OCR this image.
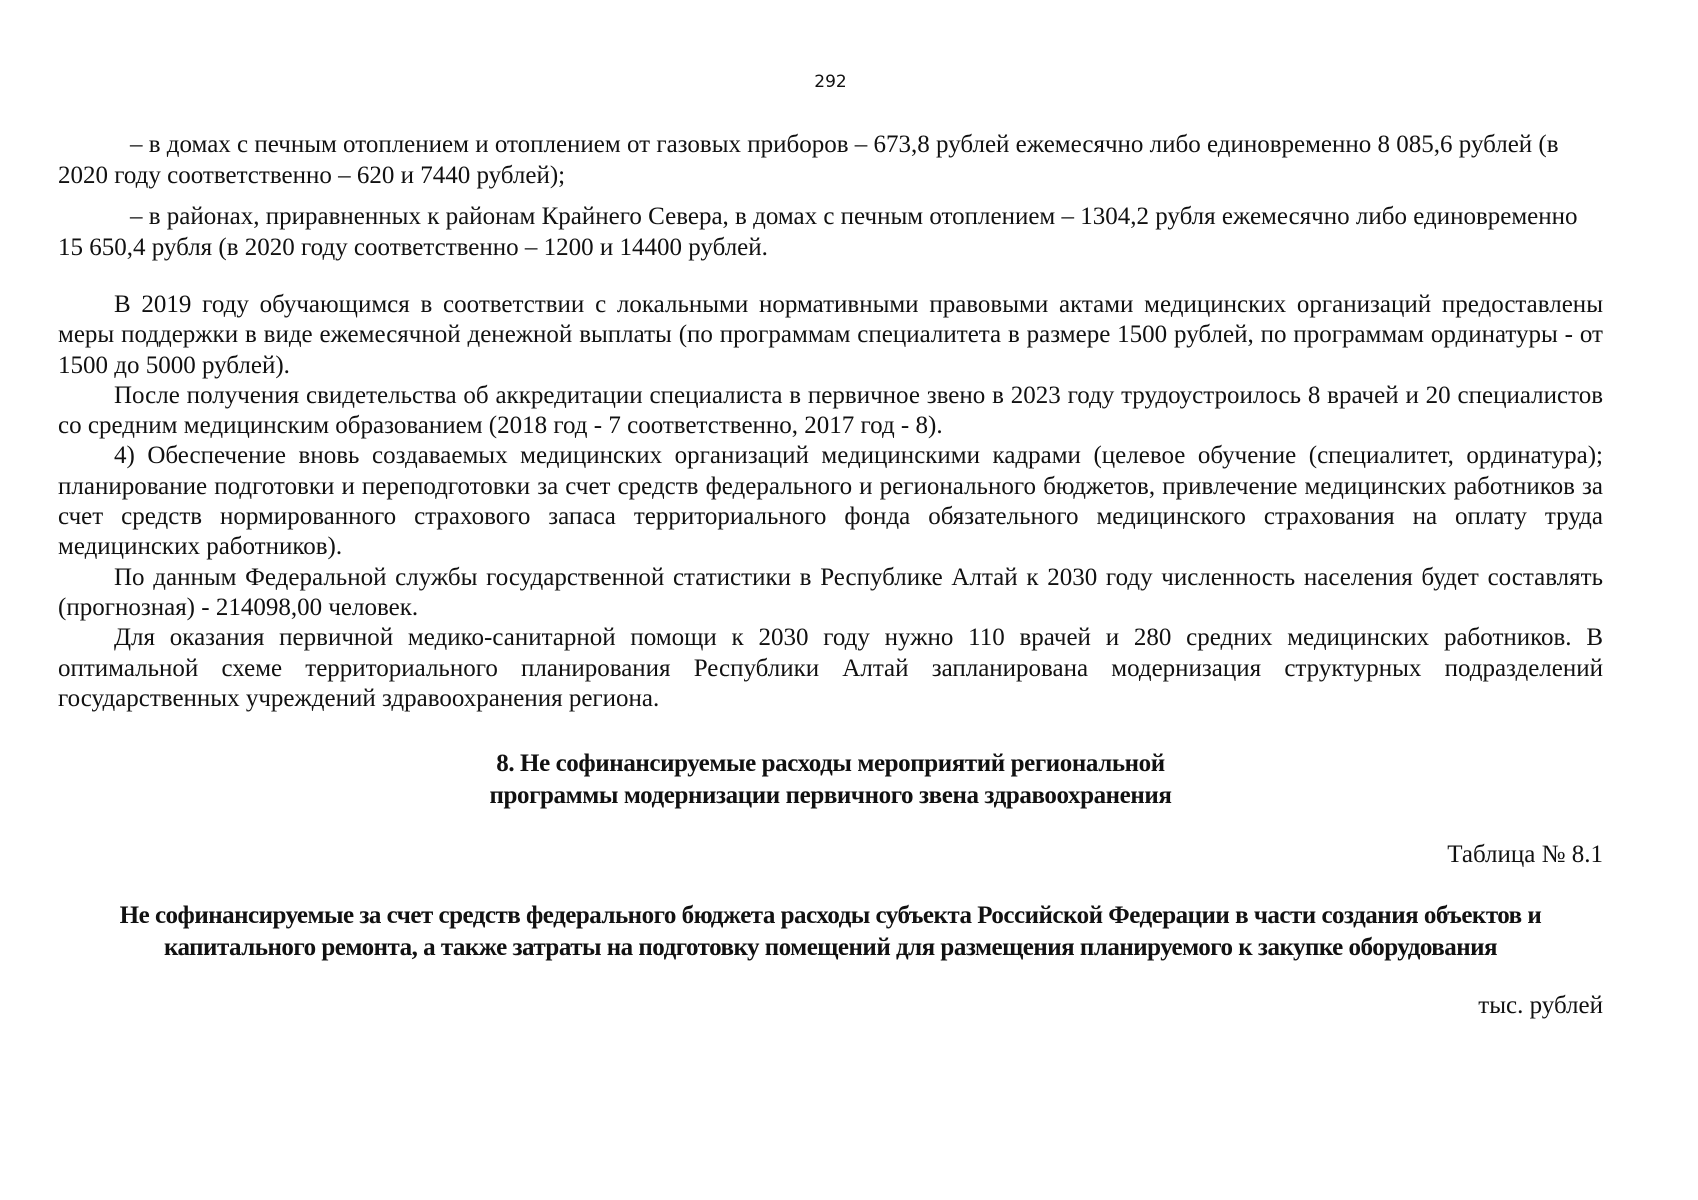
292

– в домах с печным отоплением и отоплением от газовых приборов – 673,8 рублей ежемесячно либо единовременно 8 085,6 рублей (в 2020 году соответственно – 620 и 7440 рублей);

– в районах, приравненных к районам Крайнего Севера, в домах с печным отоплением – 1304,2 рубля ежемесячно либо единовременно 15 650,4 рубля (в 2020 году соответственно – 1200 и 14400 рублей.

В 2019 году обучающимся в соответствии с локальными нормативными правовыми актами медицинских организаций предоставлены меры поддержки в виде ежемесячной денежной выплаты (по программам специалитета в размере 1500 рублей, по программам ординатуры - от 1500 до 5000 рублей).

После получения свидетельства об аккредитации специалиста в первичное звено в 2023 году трудоустроилось 8 врачей и 20 специалистов со средним медицинским образованием (2018 год - 7 соответственно, 2017 год - 8).

4) Обеспечение вновь создаваемых медицинских организаций медицинскими кадрами (целевое обучение (специалитет, ординатура); планирование подготовки и переподготовки за счет средств федерального и регионального бюджетов, привлечение медицинских работников за счет средств нормированного страхового запаса территориального фонда обязательного медицинского страхования на оплату труда медицинских работников).

По данным Федеральной службы государственной статистики в Республике Алтай к 2030 году численность населения будет составлять (прогнозная) - 214098,00 человек.

Для оказания первичной медико-санитарной помощи к 2030 году нужно 110 врачей и 280 средних медицинских работников. В оптимальной схеме территориального планирования Республики Алтай запланирована модернизация структурных подразделений государственных учреждений здравоохранения региона.

8. Не софинансируемые расходы мероприятий региональной
программы модернизации первичного звена здравоохранения
Таблица № 8.1
Не софинансируемые за счет средств федерального бюджета расходы субъекта Российской Федерации в части создания объектов и
капитального ремонта, а также затраты на подготовку помещений для размещения планируемого к закупке оборудования
тыс. рублей
